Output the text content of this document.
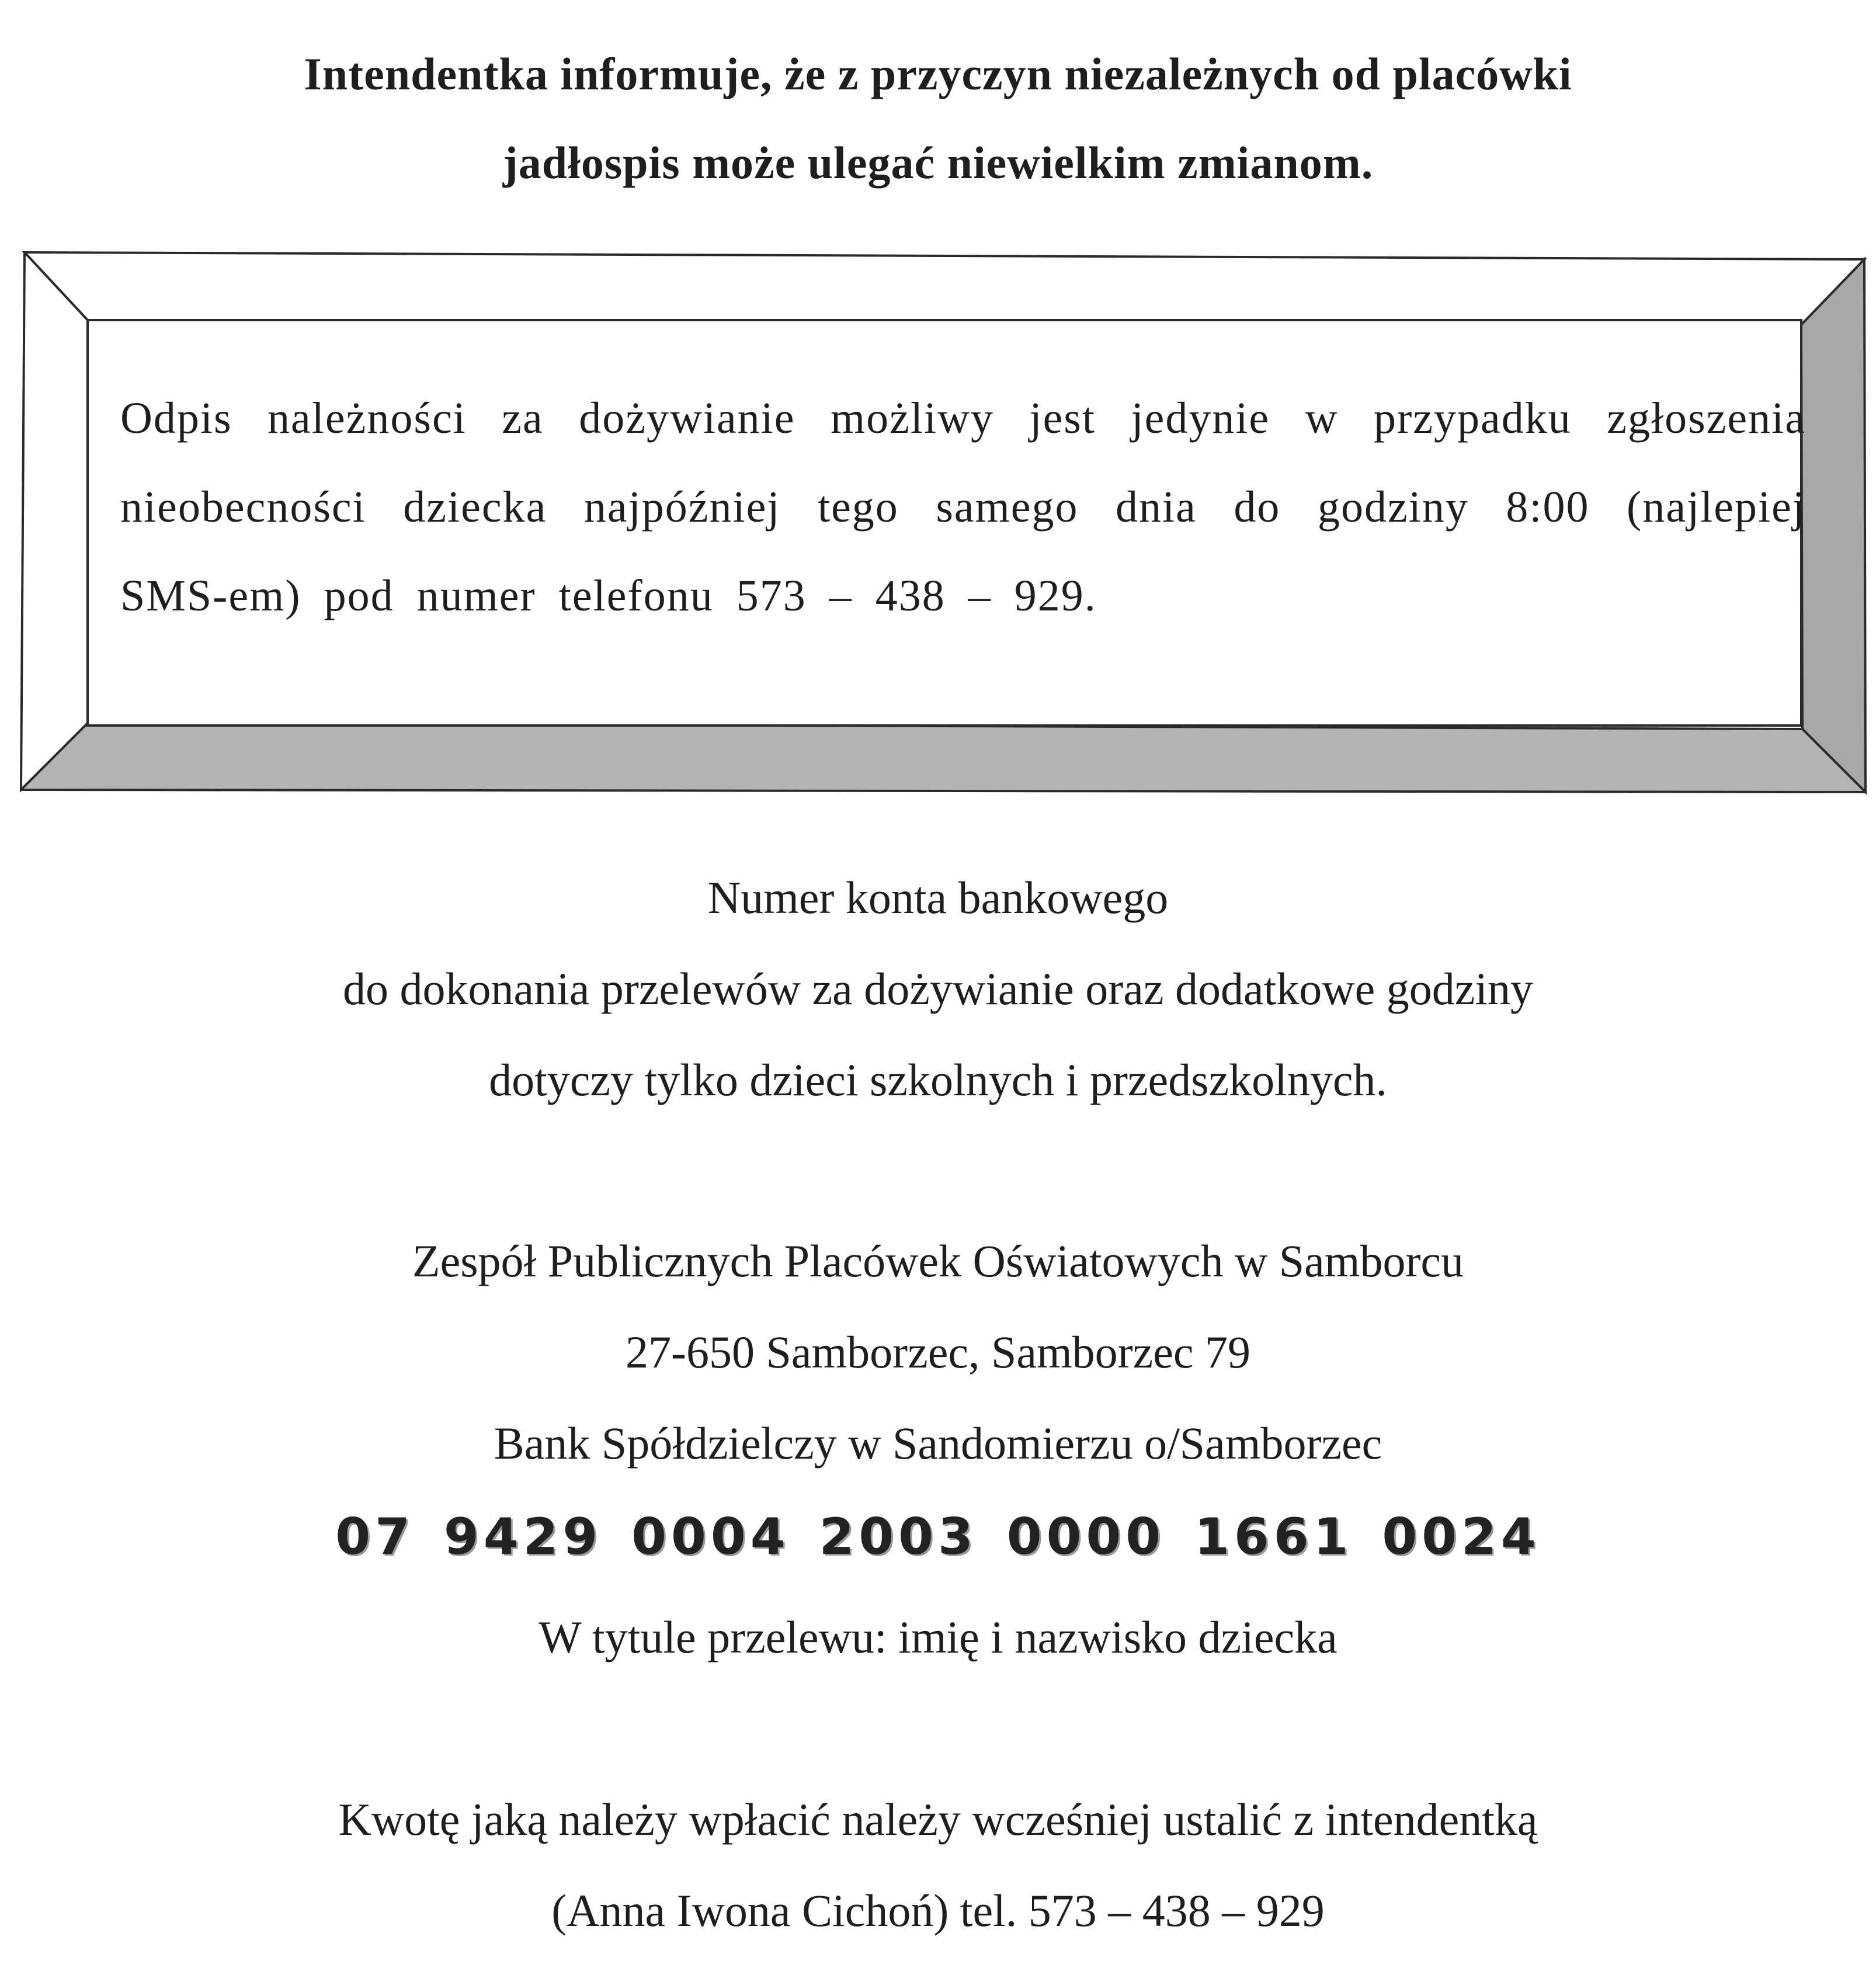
Intendentka informuje, że z przyczyn niezależnych od placówki
jadłospis może ulegać niewielkim zmianom.
Odpis należności za dożywianie możliwy jest jedynie w przypadku zgłoszenia nieobecności dziecka najpóźniej tego samego dnia do godziny 8:00 (najlepiej SMS-em) pod numer telefonu 573 – 438 – 929.
Numer konta bankowego
do dokonania przelewów za dożywianie oraz dodatkowe godziny
dotyczy tylko dzieci szkolnych i przedszkolnych.
Zespół Publicznych Placówek Oświatowych w Samborcu
27-650 Samborzec, Samborzec 79
Bank Spółdzielczy w Sandomierzu o/Samborzec
07 9429 0004 2003 0000 1661 0024
W tytule przelewu: imię i nazwisko dziecka
Kwotę jaką należy wpłacić należy wcześniej ustalić z intendentką
(Anna Iwona Cichoń) tel. 573 – 438 – 929
